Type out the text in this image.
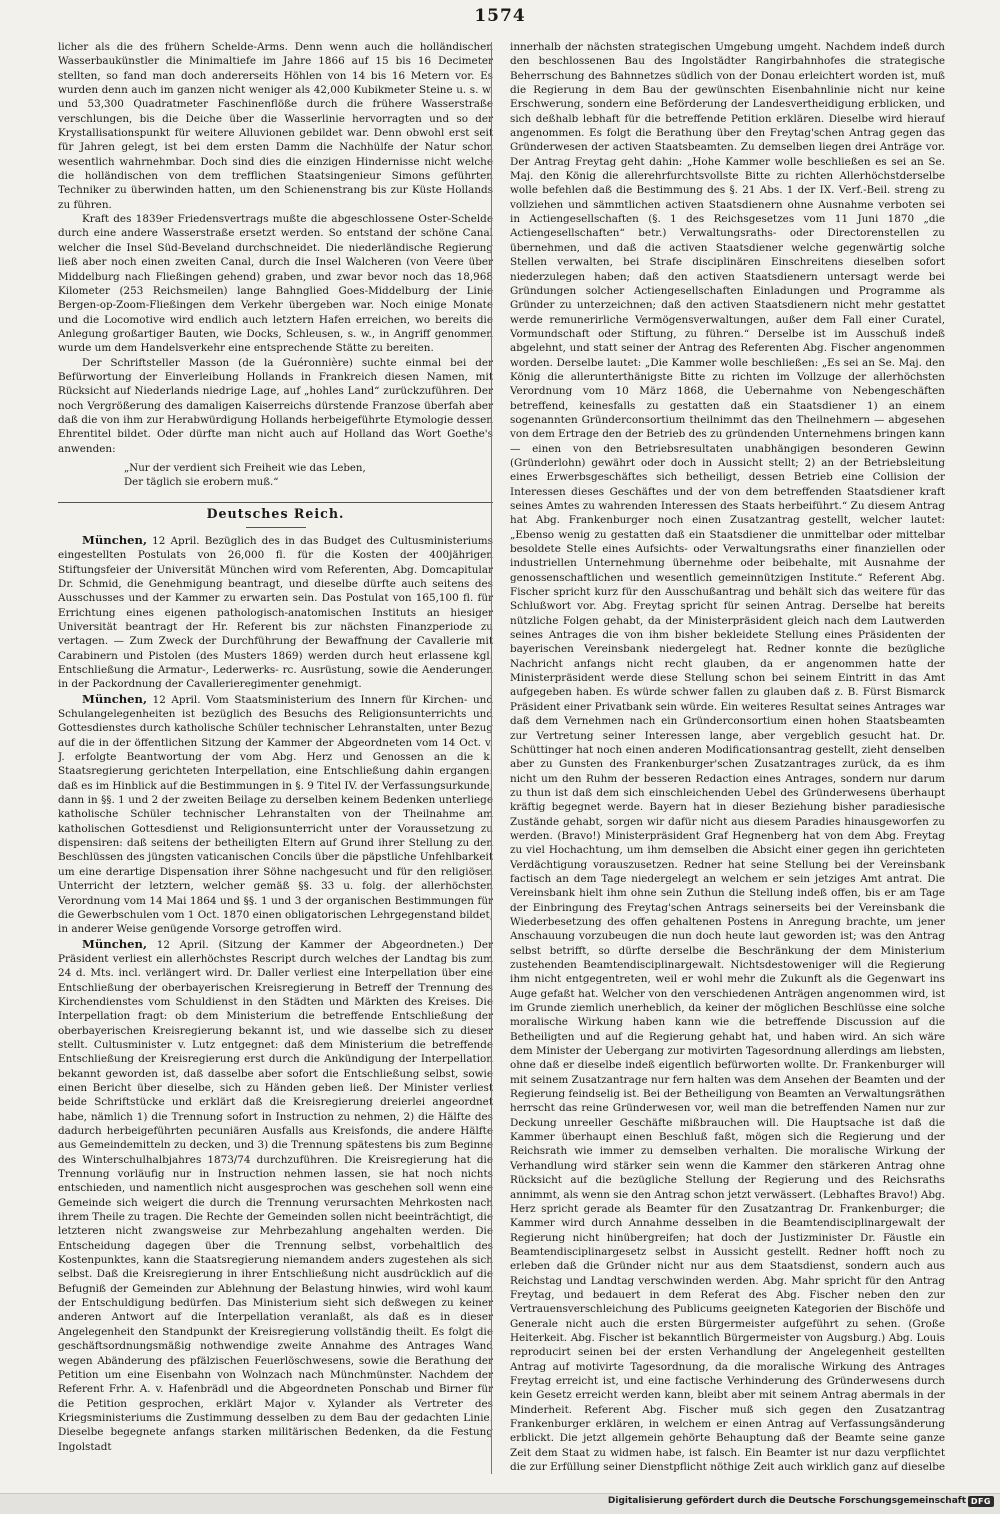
1574

licher als die des frühern Schelde-Arms. Denn wenn auch die holländischen Wasserbaukünstler die Minimaltiefe im Jahre 1866 auf 15 bis 16 Decimeter stellten, so fand man doch andererseits Höhlen von 14 bis 16 Metern vor. Es wurden denn auch im ganzen nicht weniger als 42,000 Kubikmeter Steine u. s. w. und 53,300 Quadratmeter Faschinenflöße durch die frühere Wasserstraße verschlungen, bis die Deiche über die Wasserlinie hervorragten und so der Krystallisationspunkt für weitere Alluvionen gebildet war. Denn obwohl erst seit für Jahren gelegt, ist bei dem ersten Damm die Nachhülfe der Natur schon wesentlich wahrnehmbar. Doch sind dies die einzigen Hindernisse nicht welche die holländischen von dem trefflichen Staatsingenieur Simons geführten Techniker zu überwinden hatten, um den Schienenstrang bis zur Küste Hollands zu führen.

Kraft des 1839er Friedensvertrags mußte die abgeschlossene Oster-Schelde durch eine andere Wasserstraße ersetzt werden. So entstand der schöne Canal welcher die Insel Süd-Beveland durchschneidet. Die niederländische Regierung ließ aber noch einen zweiten Canal, durch die Insel Walcheren (von Veere über Middelburg nach Fließingen gehend) graben, und zwar bevor noch das 18,968 Kilometer (253 Reichsmeilen) lange Bahnglied Goes-Middelburg der Linie Bergen-op-Zoom-Fließingen dem Verkehr übergeben war. Noch einige Monate und die Locomotive wird endlich auch letztern Hafen erreichen, wo bereits die Anlegung großartiger Bauten, wie Docks, Schleusen, s. w., in Angriff genommen wurde um dem Handelsverkehr eine entsprechende Stätte zu bereiten.

Der Schriftsteller Masson (de la Guéronnière) suchte einmal bei der Befürwortung der Einverleibung Hollands in Frankreich diesen Namen, mit Rücksicht auf Niederlands niedrige Lage, auf „hohles Land“ zurückzuführen. Der noch Vergrößerung des damaligen Kaiserreichs dürstende Franzose überfah aber daß die von ihm zur Herabwürdigung Hollands herbeigeführte Etymologie dessen Ehrentitel bildet. Oder dürfte man nicht auch auf Holland das Wort Goethe's anwenden:

„Nur der verdient sich Freiheit wie das Leben,
Der täglich sie erobern muß.“
Deutsches Reich.

München, 12 April. Bezüglich des in das Budget des Cultusministeriums eingestellten Postulats von 26,000 fl. für die Kosten der 400jährigen Stiftungsfeier der Universität München wird vom Referenten, Abg. Domcapitular Dr. Schmid, die Genehmigung beantragt, und dieselbe dürfte auch seitens des Ausschusses und der Kammer zu erwarten sein. Das Postulat von 165,100 fl. für Errichtung eines eigenen pathologisch-anatomischen Instituts an hiesiger Universität beantragt der Hr. Referent bis zur nächsten Finanzperiode zu vertagen. — Zum Zweck der Durchführung der Bewaffnung der Cavallerie mit Carabinern und Pistolen (des Musters 1869) werden durch heut erlassene kgl. Entschließung die Armatur-, Lederwerks- rc. Ausrüstung, sowie die Aenderungen in der Packordnung der Cavallerieregimenter genehmigt.

München, 12 April. Vom Staatsministerium des Innern für Kirchen- und Schulangelegenheiten ist bezüglich des Besuchs des Religionsunterrichts und Gottesdienstes durch katholische Schüler technischer Lehranstalten, unter Bezug auf die in der öffentlichen Sitzung der Kammer der Abgeordneten vom 14 Oct. v. J. erfolgte Beantwortung der vom Abg. Herz und Genossen an die k. Staatsregierung gerichteten Interpellation, eine Entschließung dahin ergangen: daß es im Hinblick auf die Bestimmungen in §. 9 Titel IV. der Verfassungsurkunde, dann in §§. 1 und 2 der zweiten Beilage zu derselben keinem Bedenken unterliege katholische Schüler technischer Lehranstalten von der Theilnahme am katholischen Gottesdienst und Religionsunterricht unter der Voraussetzung zu dispensiren: daß seitens der betheiligten Eltern auf Grund ihrer Stellung zu den Beschlüssen des jüngsten vaticanischen Concils über die päpstliche Unfehlbarkeit um eine derartige Dispensation ihrer Söhne nachgesucht und für den religiösen Unterricht der letztern, welcher gemäß §§. 33 u. folg. der allerhöchsten Verordnung vom 14 Mai 1864 und §§. 1 und 3 der organischen Bestimmungen für die Gewerbschulen vom 1 Oct. 1870 einen obligatorischen Lehrgegenstand bildet, in anderer Weise genügende Vorsorge getroffen wird.

München, 12 April. (Sitzung der Kammer der Abgeordneten.) Der Präsident verliest ein allerhöchstes Rescript durch welches der Landtag bis zum 24 d. Mts. incl. verlängert wird. Dr. Daller verliest eine Interpellation über eine Entschließung der oberbayerischen Kreisregierung in Betreff der Trennung des Kirchendienstes vom Schuldienst in den Städten und Märkten des Kreises. Die Interpellation fragt: ob dem Ministerium die betreffende Entschließung der oberbayerischen Kreisregierung bekannt ist, und wie dasselbe sich zu dieser stellt. Cultusminister v. Lutz entgegnet: daß dem Ministerium die betreffende Entschließung der Kreisregierung erst durch die Ankündigung der Interpellation bekannt geworden ist, daß dasselbe aber sofort die Entschließung selbst, sowie einen Bericht über dieselbe, sich zu Händen geben ließ. Der Minister verliest beide Schriftstücke und erklärt daß die Kreisregierung dreierlei angeordnet habe, nämlich 1) die Trennung sofort in Instruction zu nehmen, 2) die Hälfte des dadurch herbeigeführten pecuniären Ausfalls aus Kreisfonds, die andere Hälfte aus Gemeindemitteln zu decken, und 3) die Trennung spätestens bis zum Beginne des Winterschulhalbjahres 1873/74 durchzuführen. Die Kreisregierung hat die Trennung vorläufig nur in Instruction nehmen lassen, sie hat noch nichts entschieden, und namentlich nicht ausgesprochen was geschehen soll wenn eine Gemeinde sich weigert die durch die Trennung verursachten Mehrkosten nach ihrem Theile zu tragen. Die Rechte der Gemeinden sollen nicht beeinträchtigt, die letzteren nicht zwangsweise zur Mehrbezahlung angehalten werden. Die Entscheidung dagegen über die Trennung selbst, vorbehaltlich des Kostenpunktes, kann die Staatsregierung niemandem anders zugestehen als sich selbst. Daß die Kreisregierung in ihrer Entschließung nicht ausdrücklich auf die Befugniß der Gemeinden zur Ablehnung der Belastung hinwies, wird wohl kaum der Entschuldigung bedürfen. Das Ministerium sieht sich deßwegen zu keiner anderen Antwort auf die Interpellation veranlaßt, als daß es in dieser Angelegenheit den Standpunkt der Kreisregierung vollständig theilt. Es folgt die geschäftsordnungsmäßig nothwendige zweite Annahme des Antrages Wand wegen Abänderung des pfälzischen Feuerlöschwesens, sowie die Berathung der Petition um eine Eisenbahn von Wolnzach nach Münchmünster. Nachdem der Referent Frhr. A. v. Hafenbrädl und die Abgeordneten Ponschab und Birner für die Petition gesprochen, erklärt Major v. Xylander als Vertreter des Kriegsministeriums die Zustimmung desselben zu dem Bau der gedachten Linie. Dieselbe begegnete anfangs starken militärischen Bedenken, da die Festung Ingolstadt

innerhalb der nächsten strategischen Umgebung umgeht. Nachdem indeß durch den beschlossenen Bau des Ingolstädter Rangirbahnhofes die strategische Beherrschung des Bahnnetzes südlich von der Donau erleichtert worden ist, muß die Regierung in dem Bau der gewünschten Eisenbahnlinie nicht nur keine Erschwerung, sondern eine Beförderung der Landesvertheidigung erblicken, und sich deßhalb lebhaft für die betreffende Petition erklären. Dieselbe wird hierauf angenommen. Es folgt die Berathung über den Freytag'schen Antrag gegen das Gründerwesen der activen Staatsbeamten. Zu demselben liegen drei Anträge vor. Der Antrag Freytag geht dahin: „Hohe Kammer wolle beschließen es sei an Se. Maj. den König die allerehrfurchtsvollste Bitte zu richten Allerhöchstderselbe wolle befehlen daß die Bestimmung des §. 21 Abs. 1 der IX. Verf.-Beil. streng zu vollziehen und sämmtlichen activen Staatsdienern ohne Ausnahme verboten sei in Actiengesellschaften (§. 1 des Reichsgesetzes vom 11 Juni 1870 „die Actiengesellschaften“ betr.) Verwaltungsraths- oder Directorenstellen zu übernehmen, und daß die activen Staatsdiener welche gegenwärtig solche Stellen verwalten, bei Strafe disciplinären Einschreitens dieselben sofort niederzulegen haben; daß den activen Staatsdienern untersagt werde bei Gründungen solcher Actiengesellschaften Einladungen und Programme als Gründer zu unterzeichnen; daß den activen Staatsdienern nicht mehr gestattet werde remunerirliche Vermögensverwaltungen, außer dem Fall einer Curatel, Vormundschaft oder Stiftung, zu führen.“ Derselbe ist im Ausschuß indeß abgelehnt, und statt seiner der Antrag des Referenten Abg. Fischer angenommen worden. Derselbe lautet: „Die Kammer wolle beschließen: „Es sei an Se. Maj. den König die allerunterthänigste Bitte zu richten im Vollzuge der allerhöchsten Verordnung vom 10 März 1868, die Uebernahme von Nebengeschäften betreffend, keinesfalls zu gestatten daß ein Staatsdiener 1) an einem sogenannten Gründerconsortium theilnimmt das den Theilnehmern — abgesehen von dem Ertrage den der Betrieb des zu gründenden Unternehmens bringen kann — einen von den Betriebsresultaten unabhängigen besonderen Gewinn (Gründerlohn) gewährt oder doch in Aussicht stellt; 2) an der Betriebsleitung eines Erwerbsgeschäftes sich betheiligt, dessen Betrieb eine Collision der Interessen dieses Geschäftes und der von dem betreffenden Staatsdiener kraft seines Amtes zu wahrenden Interessen des Staats herbeiführt.“ Zu diesem Antrag hat Abg. Frankenburger noch einen Zusatzantrag gestellt, welcher lautet: „Ebenso wenig zu gestatten daß ein Staatsdiener die unmittelbar oder mittelbar besoldete Stelle eines Aufsichts- oder Verwaltungsraths einer finanziellen oder industriellen Unternehmung übernehme oder beibehalte, mit Ausnahme der genossenschaftlichen und wesentlich gemeinnützigen Institute.“ Referent Abg. Fischer spricht kurz für den Ausschußantrag und behält sich das weitere für das Schlußwort vor. Abg. Freytag spricht für seinen Antrag. Derselbe hat bereits nützliche Folgen gehabt, da der Ministerpräsident gleich nach dem Lautwerden seines Antrages die von ihm bisher bekleidete Stellung eines Präsidenten der bayerischen Vereinsbank niedergelegt hat. Redner konnte die bezügliche Nachricht anfangs nicht recht glauben, da er angenommen hatte der Ministerpräsident werde diese Stellung schon bei seinem Eintritt in das Amt aufgegeben haben. Es würde schwer fallen zu glauben daß z. B. Fürst Bismarck Präsident einer Privatbank sein würde. Ein weiteres Resultat seines Antrages war daß dem Vernehmen nach ein Gründerconsortium einen hohen Staatsbeamten zur Vertretung seiner Interessen lange, aber vergeblich gesucht hat. Dr. Schüttinger hat noch einen anderen Modificationsantrag gestellt, zieht denselben aber zu Gunsten des Frankenburger'schen Zusatzantrages zurück, da es ihm nicht um den Ruhm der besseren Redaction eines Antrages, sondern nur darum zu thun ist daß dem sich einschleichenden Uebel des Gründerwesens überhaupt kräftig begegnet werde. Bayern hat in dieser Beziehung bisher paradiesische Zustände gehabt, sorgen wir dafür nicht aus diesem Paradies hinausgeworfen zu werden. (Bravo!) Ministerpräsident Graf Hegnenberg hat von dem Abg. Freytag zu viel Hochachtung, um ihm demselben die Absicht einer gegen ihn gerichteten Verdächtigung vorauszusetzen. Redner hat seine Stellung bei der Vereinsbank factisch an dem Tage niedergelegt an welchem er sein jetziges Amt antrat. Die Vereinsbank hielt ihm ohne sein Zuthun die Stellung indeß offen, bis er am Tage der Einbringung des Freytag'schen Antrags seinerseits bei der Vereinsbank die Wiederbesetzung des offen gehaltenen Postens in Anregung brachte, um jener Anschauung vorzubeugen die nun doch heute laut geworden ist; was den Antrag selbst betrifft, so dürfte derselbe die Beschränkung der dem Ministerium zustehenden Beamtendisciplinargewalt. Nichtsdestoweniger will die Regierung ihm nicht entgegentreten, weil er wohl mehr die Zukunft als die Gegenwart ins Auge gefaßt hat. Welcher von den verschiedenen Anträgen angenommen wird, ist im Grunde ziemlich unerheblich, da keiner der möglichen Beschlüsse eine solche moralische Wirkung haben kann wie die betreffende Discussion auf die Betheiligten und auf die Regierung gehabt hat, und haben wird. An sich wäre dem Minister der Uebergang zur motivirten Tagesordnung allerdings am liebsten, ohne daß er dieselbe indeß eigentlich befürworten wollte. Dr. Frankenburger will mit seinem Zusatzantrage nur fern halten was dem Ansehen der Beamten und der Regierung feindselig ist. Bei der Betheiligung von Beamten an Verwaltungsräthen herrscht das reine Gründerwesen vor, weil man die betreffenden Namen nur zur Deckung unreeller Geschäfte mißbrauchen will. Die Hauptsache ist daß die Kammer überhaupt einen Beschluß faßt, mögen sich die Regierung und der Reichsrath wie immer zu demselben verhalten. Die moralische Wirkung der Verhandlung wird stärker sein wenn die Kammer den stärkeren Antrag ohne Rücksicht auf die bezügliche Stellung der Regierung und des Reichsraths annimmt, als wenn sie den Antrag schon jetzt verwässert. (Lebhaftes Bravo!) Abg. Herz spricht gerade als Beamter für den Zusatzantrag Dr. Frankenburger; die Kammer wird durch Annahme desselben in die Beamtendisciplinargewalt der Regierung nicht hinübergreifen; hat doch der Justizminister Dr. Fäustle ein Beamtendisciplinargesetz selbst in Aussicht gestellt. Redner hofft noch zu erleben daß die Gründer nicht nur aus dem Staatsdienst, sondern auch aus Reichstag und Landtag verschwinden werden. Abg. Mahr spricht für den Antrag Freytag, und bedauert in dem Referat des Abg. Fischer neben den zur Vertrauensverschleichung des Publicums geeigneten Kategorien der Bischöfe und Generale nicht auch die ersten Bürgermeister aufgeführt zu sehen. (Große Heiterkeit. Abg. Fischer ist bekanntlich Bürgermeister von Augsburg.) Abg. Louis reproducirt seinen bei der ersten Verhandlung der Angelegenheit gestellten Antrag auf motivirte Tagesordnung, da die moralische Wirkung des Antrages Freytag erreicht ist, und eine factische Verhinderung des Gründerwesens durch kein Gesetz erreicht werden kann, bleibt aber mit seinem Antrag abermals in der Minderheit. Referent Abg. Fischer muß sich gegen den Zusatzantrag Frankenburger erklären, in welchem er einen Antrag auf Verfassungsänderung erblickt. Die jetzt allgemein gehörte Behauptung daß der Beamte seine ganze Zeit dem Staat zu widmen habe, ist falsch. Ein Beamter ist nur dazu verpflichtet die zur Erfüllung seiner Dienstpflicht nöthige Zeit auch wirklich ganz auf dieselbe

Digitalisierung gefördert durch die Deutsche Forschungsgemeinschaft DFG
